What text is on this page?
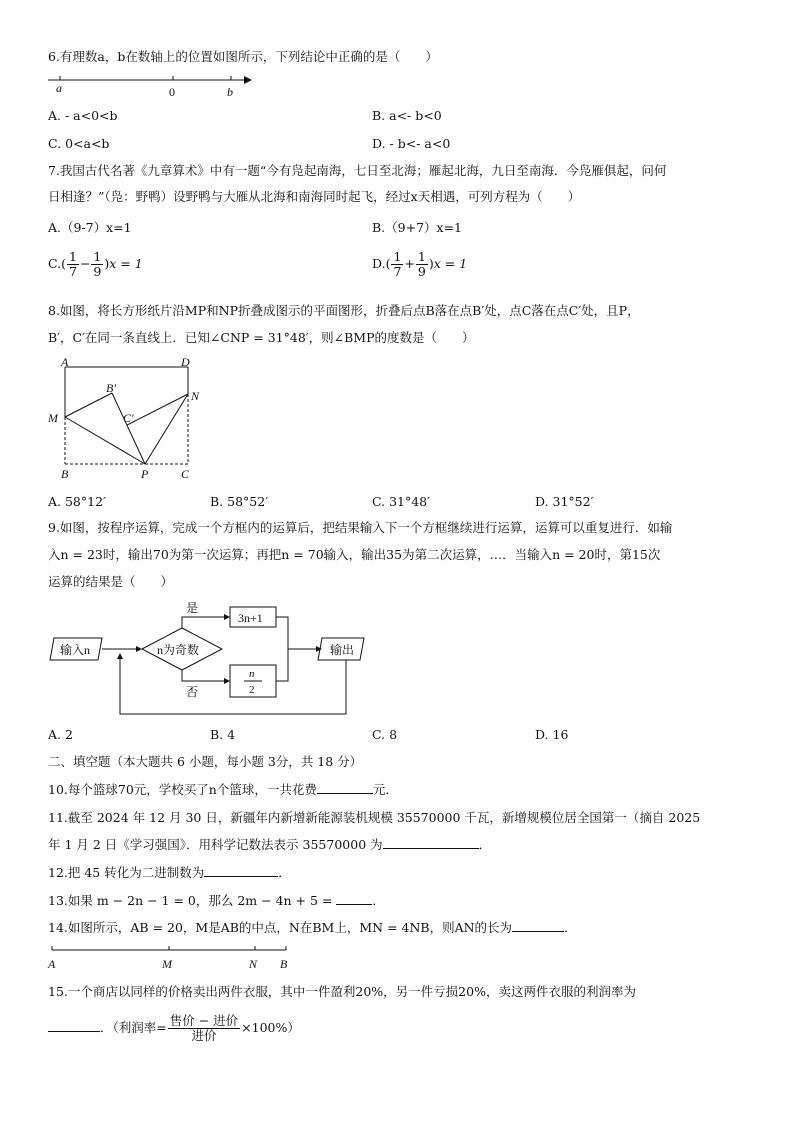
6.有理数a，b在数轴上的位置如图所示，下列结论中正确的是（　　）
a	0	b
A. - a<0<b	B. a<- b<0
C. 0<a<b	D. - b<- a<0
7.我国古代名著《九章算术》中有一题“今有凫起南海，七日至北海；雁起北海，九日至南海．今凫雁俱起，问何
日相逢？”（凫：野鸭）设野鸭与大雁从北海和南海同时起飞，经过x天相遇，可列方程为（　　）
A.（9-7）x=1	B.（9+7）x=1
$C.( \frac{1}{7} - \frac{1}{9} )x = 1$	$D.( \frac{1}{7} + \frac{1}{9} )x = 1$
8.如图，将长方形纸片沿MP和NP折叠成图示的平面图形，折叠后点B落在点B′处，点C落在点C′处，且P，
B′，C′在同一条直线上．已知∠CNP = 31°48′，则∠BMP的度数是（　　）
A	D
M
N
B′
C′
B	P	C
A. 58°12′	B. 58°52′	C. 31°48′	D. 31°52′
9.如图，按程序运算，完成一个方框内的运算后，把结果输入下一个方框继续进行运算，运算可以重复进行．如输
入n = 23时，输出70为第一次运算；再把n = 70输入，输出35为第二次运算，…．当输入n = 20时，第15次
运算的结果是（　　）
输入n	n为奇数
是
3n+1
否
n
2
输出
A. 2	B. 4	C. 8	D. 16
二、填空题（本大题共 6 小题，每小题 3分，共 18 分）
10.每个篮球70元，学校买了n个篮球，一共花费	元．
11.截至 2024 年 12 月 30 日，新疆年内新增新能源装机规模 35570000 千瓦，新增规模位居全国第一（摘自 2025
年 1 月 2 日《学习强国》．用科学记数法表示 35570000 为	．
12.把 45 转化为二进制数为	．
13.如果 m − 2n − 1 = 0，那么 2m − 4n + 5 =	．
14.如图所示，AB = 20，M是AB的中点，N在BM上，MN = 4NB，则AN的长为	．
A	M	N B
15.一个商店以同样的价格卖出两件衣服，其中一件盈利20%，另一件亏损20%，卖这两件衣服的利润率为
．（利润率= $\frac{\text{售价 − 进价}}{\text{进价}} \times 100\%$）
